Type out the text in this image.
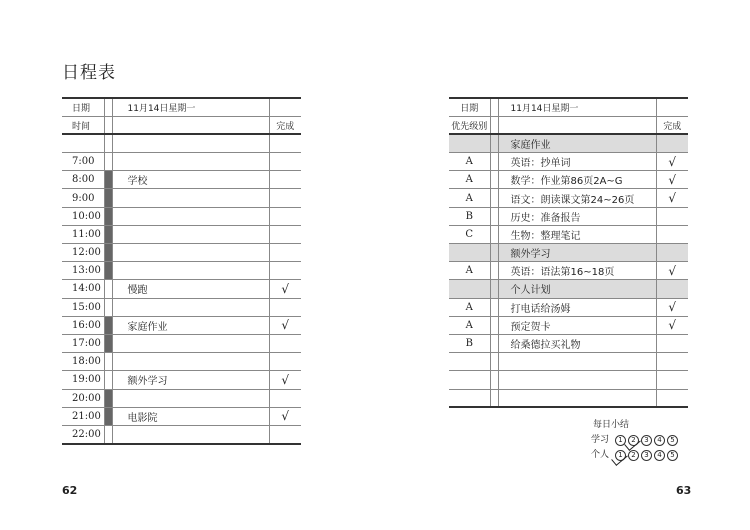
日程表
日期		11月14日星期一	
时间			完成

7:00			
8:00		学校	
9:00			
10:00			
11:00			
12:00			
13:00			
14:00		慢跑	√
15:00			
16:00		家庭作业	√
17:00			
18:00			
19:00		额外学习	√
20:00			
21:00		电影院	√
22:00			
日期		11月14日星期一	
优先级别			完成
		家庭作业	
A		英语：抄单词	√
A		数学：作业第86页2A~G	√
A		语文：朗读课文第24~26页	√
B		历史：准备报告	
C		生物：整理笔记	
		额外学习	
A		英语：语法第16~18页	√
		个人计划	
A		打电话给汤姆	√
A		预定贺卡	√
B		给桑德拉买礼物	

每日小结
学习	1 2 3 4 5
个人	1 2 3 4 5
62	63
